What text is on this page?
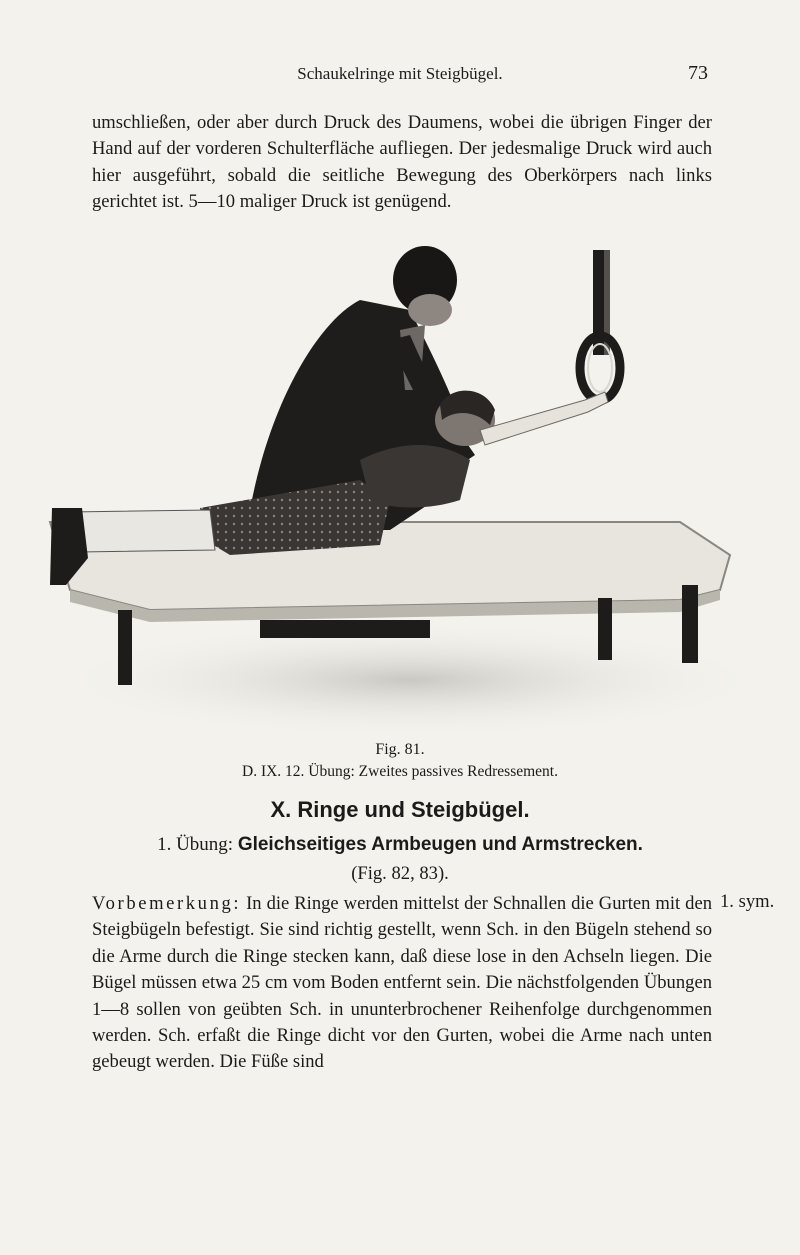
Schaukelringe mit Steigbügel.	73
umschließen, oder aber durch Druck des Daumens, wobei die übrigen Finger der Hand auf der vorderen Schulterfläche aufliegen. Der jedesmalige Druck wird auch hier ausgeführt, sobald die seitliche Bewegung des Oberkörpers nach links gerichtet ist. 5—10 maliger Druck ist genügend.
Fig. 81.
D. IX. 12. Übung: Zweites passives Redressement.
X. Ringe und Steigbügel.
1. Übung: Gleichseitiges Armbeugen und Armstrecken.
(Fig. 82, 83).
Vorbemerkung: In die Ringe werden mittelst der Schnallen die Gurten mit den Steigbügeln befestigt. Sie sind richtig gestellt, wenn Sch. in den Bügeln stehend so die Arme durch die Ringe stecken kann, daß diese lose in den Achseln liegen. Die Bügel müssen etwa 25 cm vom Boden entfernt sein. Die nächstfolgenden Übungen 1—8 sollen von geübten Sch. in ununterbrochener Reihenfolge durchgenommen werden. Sch. erfaßt die Ringe dicht vor den Gurten, wobei die Arme nach unten gebeugt werden. Die Füße sind
1. sym.
